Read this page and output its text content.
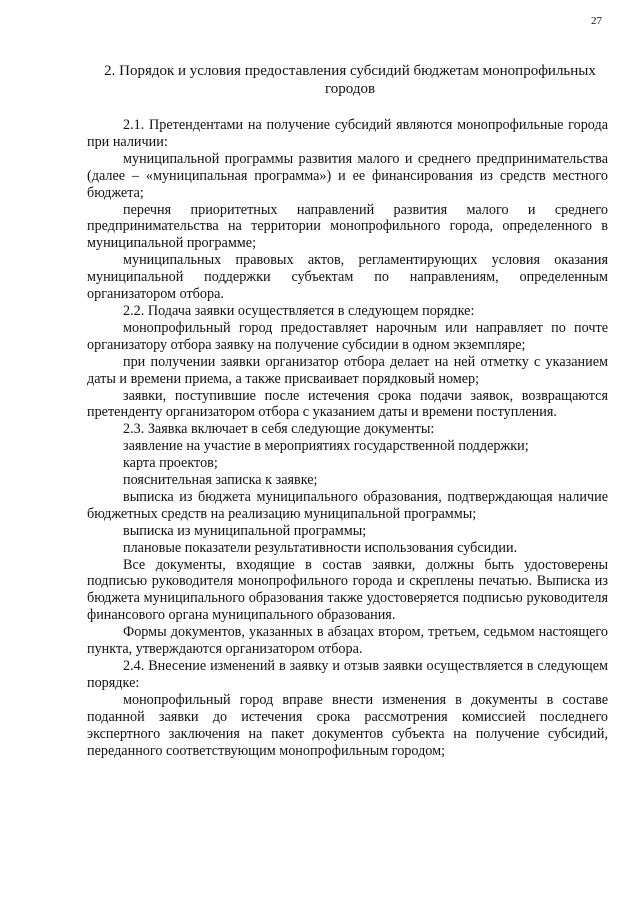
27
2. Порядок и условия предоставления субсидий бюджетам монопрофильных городов

2.1. Претендентами на получение субсидий являются монопрофильные города при наличии:

муниципальной программы развития малого и среднего предпринимательства (далее – «муниципальная программа») и ее финансирования из средств местного бюджета;

перечня приоритетных направлений развития малого и среднего предпринимательства на территории монопрофильного города, определенного в муниципальной программе;

муниципальных правовых актов, регламентирующих условия оказания муниципальной поддержки субъектам по направлениям, определенным организатором отбора.

2.2. Подача заявки осуществляется в следующем порядке:

монопрофильный город предоставляет нарочным или направляет по почте организатору отбора заявку на получение субсидии в одном экземпляре;

при получении заявки организатор отбора делает на ней отметку с указанием даты и времени приема, а также присваивает порядковый номер;

заявки, поступившие после истечения срока подачи заявок, возвращаются претенденту организатором отбора с указанием даты и времени поступления.

2.3. Заявка включает в себя следующие документы:

заявление на участие в мероприятиях государственной поддержки;

карта проектов;

пояснительная записка к заявке;

выписка из бюджета муниципального образования, подтверждающая наличие бюджетных средств на реализацию муниципальной программы;

выписка из муниципальной программы;

плановые показатели результативности использования субсидии.

Все документы, входящие в состав заявки, должны быть удостоверены подписью руководителя монопрофильного города и скреплены печатью. Выписка из бюджета муниципального образования также удостоверяется подписью руководителя финансового органа муниципального образования.

Формы документов, указанных в абзацах втором, третьем, седьмом настоящего пункта, утверждаются организатором отбора.

2.4. Внесение изменений в заявку и отзыв заявки осуществляется в следующем порядке:

монопрофильный город вправе внести изменения в документы в составе поданной заявки до истечения срока рассмотрения комиссией последнего экспертного заключения на пакет документов субъекта на получение субсидий, переданного соответствующим монопрофильным городом;
